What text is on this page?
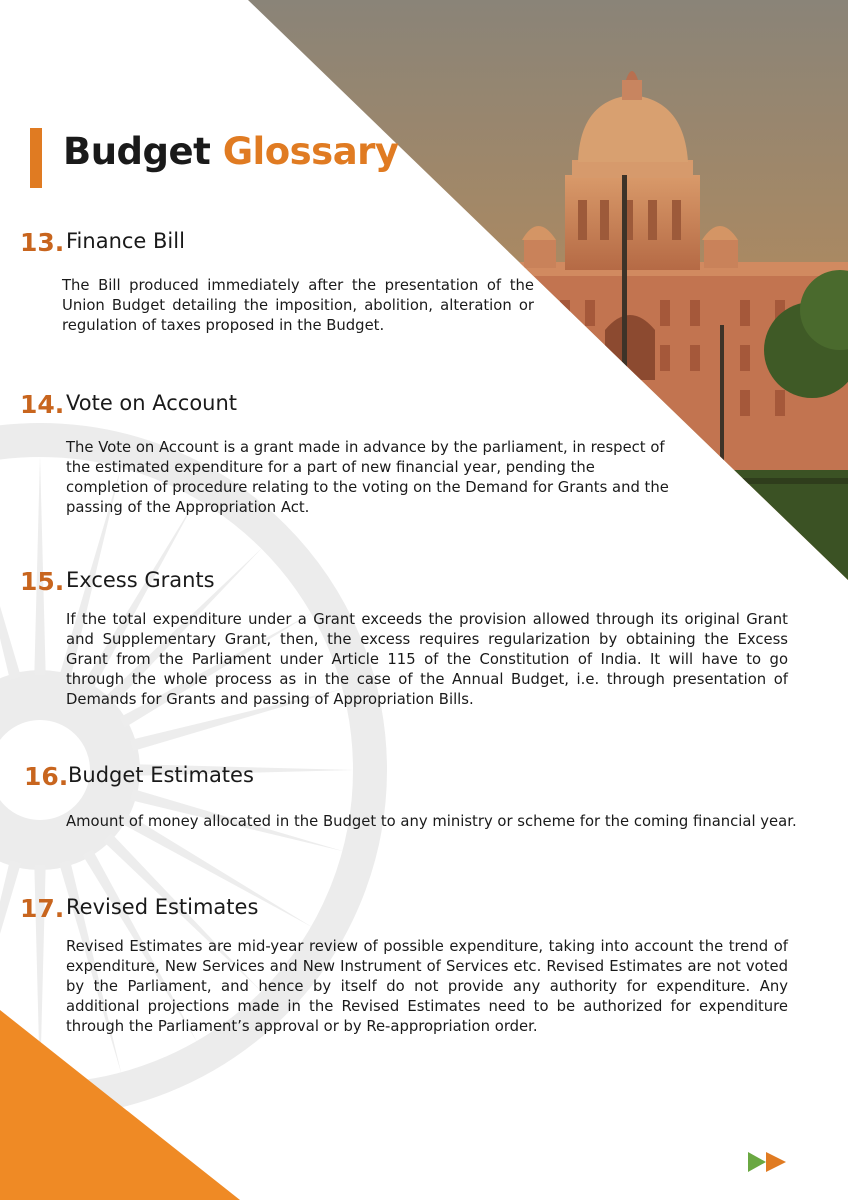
Budget Glossary
13. Finance Bill
The Bill produced immediately after the presentation of the Union Budget detailing the imposition, abolition, alteration or regulation of taxes proposed in the Budget.
14. Vote on Account
The Vote on Account is a grant made in advance by the parliament, in respect of the estimated expenditure for a part of new financial year, pending the completion of procedure relating to the voting on the Demand for Grants and the passing of the Appropriation Act.
15. Excess Grants
If the total expenditure under a Grant exceeds the provision allowed through its original Grant and Supplementary Grant, then, the excess requires regularization by obtaining the Excess Grant from the Parliament under Article 115 of the Constitution of India. It will have to go through the whole process as in the case of the Annual Budget, i.e. through presentation of Demands for Grants and passing of Appropriation Bills.
16. Budget Estimates
Amount of money allocated in the Budget to any ministry or scheme for the coming financial year.
17. Revised Estimates
Revised Estimates are mid-year review of possible expenditure, taking into account the trend of expenditure, New Services and New Instrument of Services etc. Revised Estimates are not voted by the Parliament, and hence by itself do not provide any authority for expenditure. Any additional projections made in the Revised Estimates need to be authorized for expenditure through the Parliament’s approval or by Re-appropriation order.
